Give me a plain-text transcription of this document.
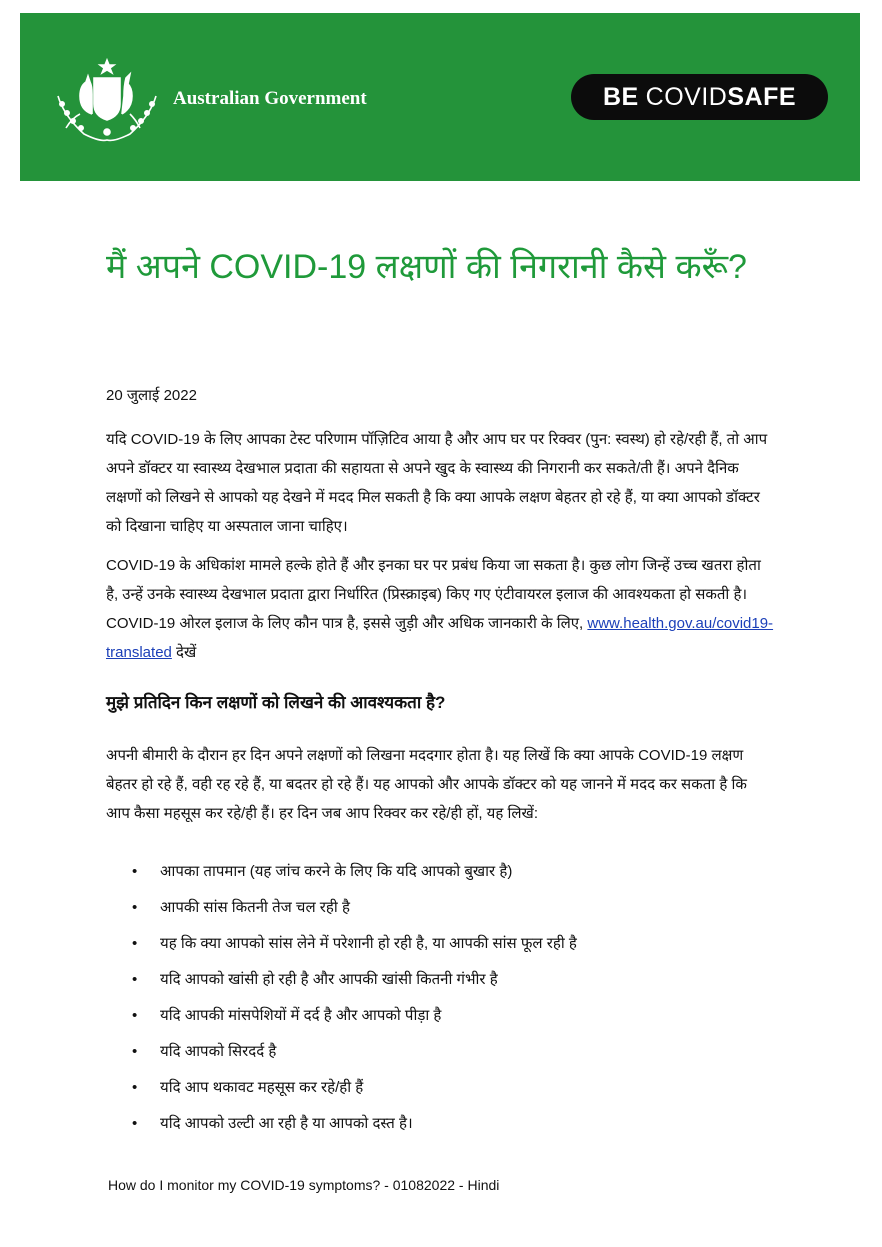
Australian Government	BE COVID SAFE
मैं अपने COVID-19 लक्षणों की निगरानी कैसे करूँ?

20 जुलाई 2022

यदि COVID-19 के लिए आपका टेस्ट परिणाम पॉज़िटिव आया है और आप घर पर रिक्वर (पुन: स्वस्थ) हो रहे/रही हैं, तो आप अपने डॉक्टर या स्वास्थ्य देखभाल प्रदाता की सहायता से अपने खुद के स्वास्थ्य की निगरानी कर सकते/ती हैं। अपने दैनिक लक्षणों को लिखने से आपको यह देखने में मदद मिल सकती है कि क्या आपके लक्षण बेहतर हो रहे हैं, या क्या आपको डॉक्टर को दिखाना चाहिए या अस्पताल जाना चाहिए।

COVID-19 के अधिकांश मामले हल्के होते हैं और इनका घर पर प्रबंध किया जा सकता है। कुछ लोग जिन्हें उच्च खतरा होता है, उन्हें उनके स्वास्थ्य देखभाल प्रदाता द्वारा निर्धारित (प्रिस्क्राइब) किए गए एंटीवायरल इलाज की आवश्यकता हो सकती है। COVID-19 ओरल इलाज के लिए कौन पात्र है, इससे जुड़ी और अधिक जानकारी के लिए, www.health.gov.au/covid19-translated देखें

मुझे प्रतिदिन किन लक्षणों को लिखने की आवश्यकता है?

अपनी बीमारी के दौरान हर दिन अपने लक्षणों को लिखना मददगार होता है। यह लिखें कि क्या आपके COVID-19 लक्षण बेहतर हो रहे हैं, वही रह रहे हैं, या बदतर हो रहे हैं। यह आपको और आपके डॉक्टर को यह जानने में मदद कर सकता है कि आप कैसा महसूस कर रहे/ही हैं। हर दिन जब आप रिक्वर कर रहे/ही हों, यह लिखें:

• आपका तापमान (यह जांच करने के लिए कि यदि आपको बुखार है)
• आपकी सांस कितनी तेज चल रही है
• यह कि क्या आपको सांस लेने में परेशानी हो रही है, या आपकी सांस फूल रही है
• यदि आपको खांसी हो रही है और आपकी खांसी कितनी गंभीर है
• यदि आपकी मांसपेशियों में दर्द है और आपको पीड़ा है
• यदि आपको सिरदर्द है
• यदि आप थकावट महसूस कर रहे/ही हैं
• यदि आपको उल्टी आ रही है या आपको दस्त है।

How do I monitor my COVID-19 symptoms? - 01082022 - Hindi
